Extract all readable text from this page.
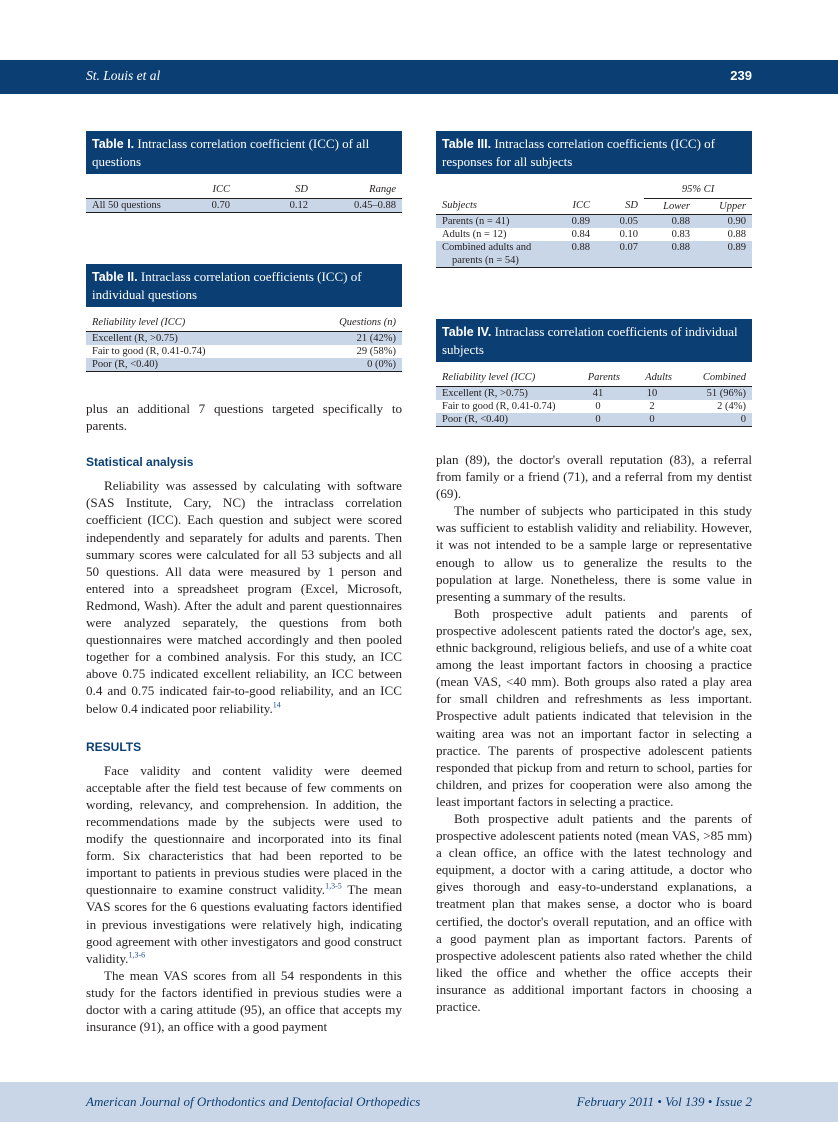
St. Louis et al	239
Table I. Intraclass correlation coefficient (ICC) of all questions
	ICC	SD	Range
All 50 questions	0.70	0.12	0.45–0.88
Table II. Intraclass correlation coefficients (ICC) of individual questions
Reliability level (ICC)	Questions (n)
Excellent (R, >0.75)	21 (42%)
Fair to good (R, 0.41-0.74)	29 (58%)
Poor (R, <0.40)	0 (0%)
Table III. Intraclass correlation coefficients (ICC) of responses for all subjects
			95% CI	
Subjects	ICC	SD	Lower	Upper
Parents (n = 41)	0.89	0.05	0.88	0.90
Adults (n = 12)	0.84	0.10	0.83	0.88
Combined adults and	0.88	0.07	0.88	0.89
parents (n = 54)				
Table IV. Intraclass correlation coefficients of individual subjects
Reliability level (ICC)	Parents	Adults	Combined
Excellent (R, >0.75)	41	10	51 (96%)
Fair to good (R, 0.41-0.74)	0	2	2 (4%)
Poor (R, <0.40)	0	0	0

plus an additional 7 questions targeted specifically to parents.

Statistical analysis

Reliability was assessed by calculating with software (SAS Institute, Cary, NC) the intraclass correlation coefficient (ICC). Each question and subject were scored independently and separately for adults and parents. Then summary scores were calculated for all 53 subjects and all 50 questions. All data were measured by 1 person and entered into a spreadsheet program (Excel, Microsoft, Redmond, Wash). After the adult and parent questionnaires were analyzed separately, the questions from both questionnaires were matched accordingly and then pooled together for a combined analysis. For this study, an ICC above 0.75 indicated excellent reliability, an ICC between 0.4 and 0.75 indicated fair-to-good reliability, and an ICC below 0.4 indicated poor reliability.$^{14}$

RESULTS

Face validity and content validity were deemed acceptable after the field test because of few comments on wording, relevancy, and comprehension. In addition, the recommendations made by the subjects were used to modify the questionnaire and incorporated into its final form. Six characteristics that had been reported to be important to patients in previous studies were placed in the questionnaire to examine construct validity.$^{1,3-5}$ The mean VAS scores for the 6 questions evaluating factors identified in previous investigations were relatively high, indicating good agreement with other investigators and good construct validity.$^{1,3-6}$

The mean VAS scores from all 54 respondents in this study for the factors identified in previous studies were a doctor with a caring attitude (95), an office that accepts my insurance (91), an office with a good payment

plan (89), the doctor's overall reputation (83), a referral from family or a friend (71), and a referral from my dentist (69).

The number of subjects who participated in this study was sufficient to establish validity and reliability. However, it was not intended to be a sample large or representative enough to allow us to generalize the results to the population at large. Nonetheless, there is some value in presenting a summary of the results.

Both prospective adult patients and parents of prospective adolescent patients rated the doctor's age, sex, ethnic background, religious beliefs, and use of a white coat among the least important factors in choosing a practice (mean VAS, <40 mm). Both groups also rated a play area for small children and refreshments as less important. Prospective adult patients indicated that television in the waiting area was not an important factor in selecting a practice. The parents of prospective adolescent patients responded that pickup from and return to school, parties for children, and prizes for cooperation were also among the least important factors in selecting a practice.

Both prospective adult patients and the parents of prospective adolescent patients noted (mean VAS, >85 mm) a clean office, an office with the latest technology and equipment, a doctor with a caring attitude, a doctor who gives thorough and easy-to-understand explanations, a treatment plan that makes sense, a doctor who is board certified, the doctor's overall reputation, and an office with a good payment plan as important factors. Parents of prospective adolescent patients also rated whether the child liked the office and whether the office accepts their insurance as additional important factors in choosing a practice.

American Journal of Orthodontics and Dentofacial Orthopedics	February 2011 • Vol 139 • Issue 2
